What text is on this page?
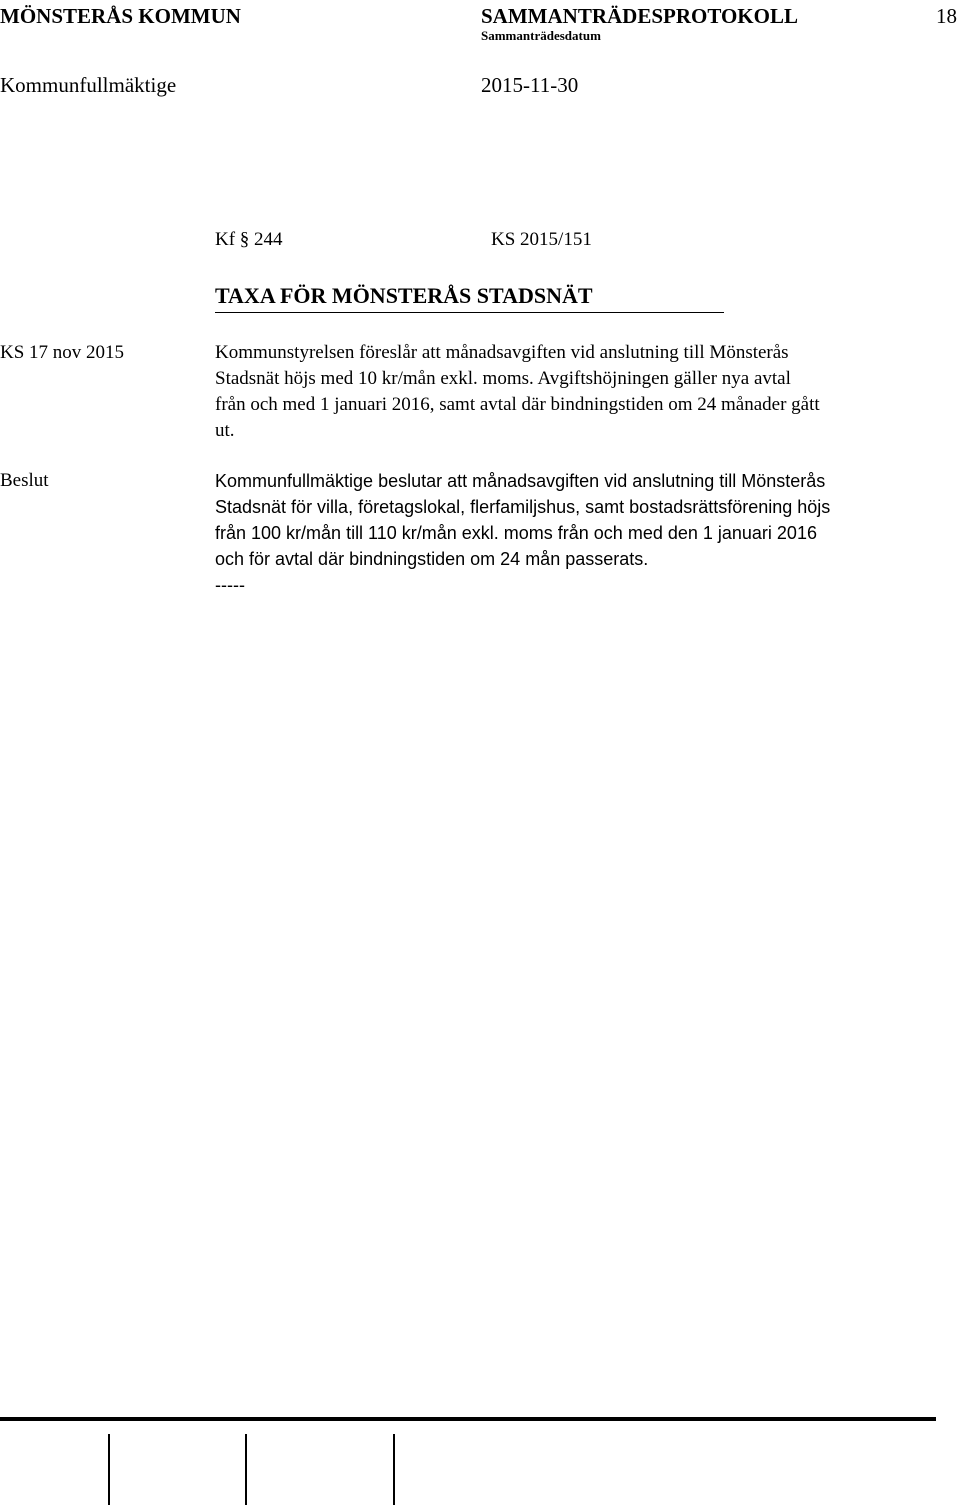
MÖNSTERÅS KOMMUN	SAMMANTRÄDESPROTOKOLL	18
Sammanträdesdatum
Kommunfullmäktige	2015-11-30
Kf § 244	KS 2015/151
TAXA FÖR MÖNSTERÅS STADSNÄT
KS 17 nov 2015	Kommunstyrelsen föreslår att månadsavgiften vid anslutning till Mönsterås
Stadsnät höjs med 10 kr/mån exkl. moms. Avgiftshöjningen gäller nya avtal
från och med 1 januari 2016, samt avtal där bindningstiden om 24 månader gått
ut.
Beslut	Kommunfullmäktige beslutar att månadsavgiften vid anslutning till Mönsterås
Stadsnät för villa, företagslokal, flerfamiljshus, samt bostadsrättsförening höjs
från 100 kr/mån till 110 kr/mån exkl. moms från och med den 1 januari 2016
och för avtal där bindningstiden om 24 mån passerats.
-----
